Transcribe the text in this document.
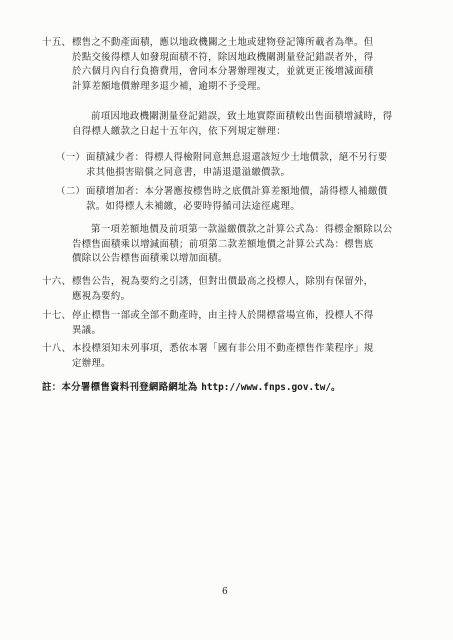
十五、 標售之不動產面積，應以地政機關之土地或建物登記簿所載者為準。但
於點交後得標人如發現面積不符，除因地政機關測量登記錯誤者外，得
於六個月內自行負擔費用，會同本分署辦理複丈，並就更正後增減面積
計算差額地價辦理多退少補，逾期不予受理。
前項因地政機關測量登記錯誤，致土地實際面積較出售面積增減時，得
自得標人繳款之日起十五年內，依下列規定辦理：
（一） 面積減少者：得標人得檢附同意無息退還該短少土地價款，絕不另行要
求其他損害賠償之同意書，申請退還溢繳價款。
（二） 面積增加者：本分署應按標售時之底價計算差額地價，請得標人補繳價
款。如得標人未補繳，必要時得循司法途徑處理。
第一項差額地價及前項第一款溢繳價款之計算公式為：得標金額除以公
告標售面積乘以增減面積；前項第二款差額地價之計算公式為：標售底
價除以公告標售面積乘以增加面積。
十六、 標售公告，視為要約之引誘，但對出價最高之投標人，除別有保留外，
應視為要約。
十七、 停止標售一部或全部不動產時，由主持人於開標當場宣佈，投標人不得
異議。
十八、 本投標須知未列事項，悉依本署「國有非公用不動產標售作業程序」規
定辦理。
註：本分署標售資料刊登網路網址為 http://www.fnps.gov.tw/。
6
